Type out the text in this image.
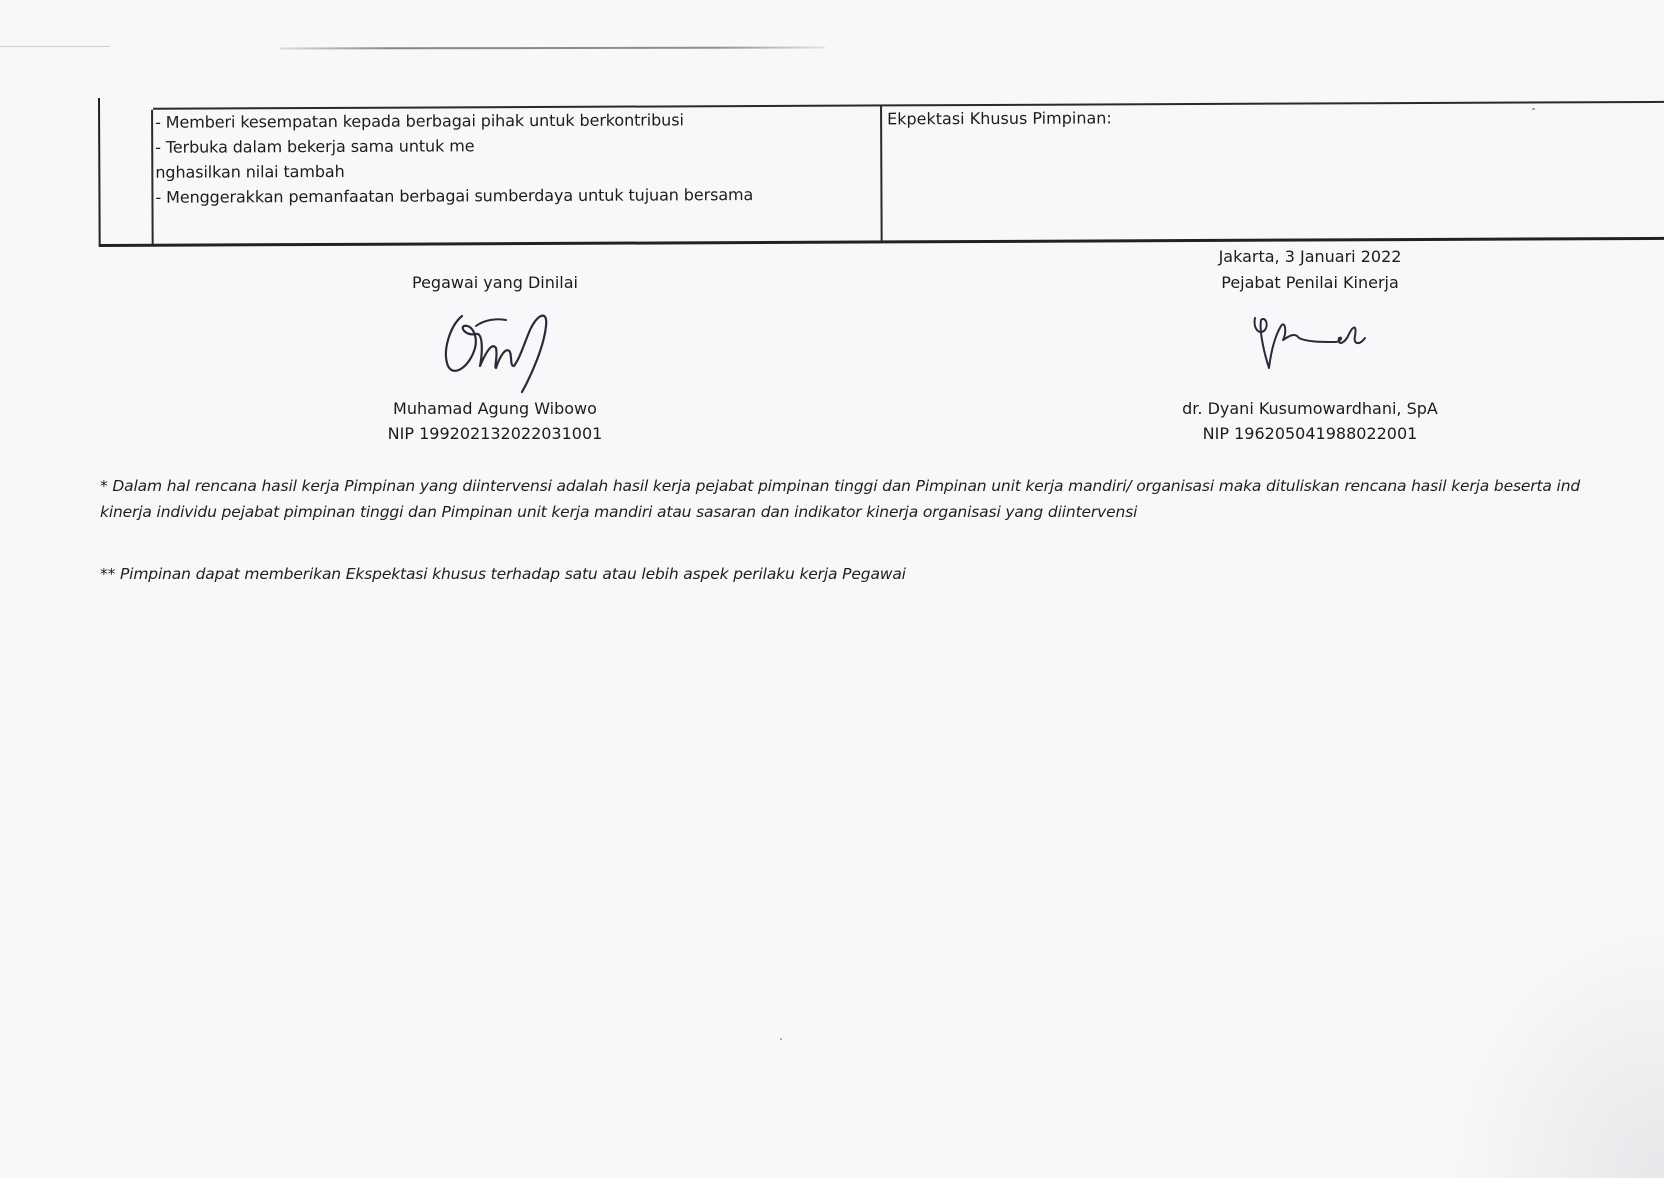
- Memberi kesempatan kepada berbagai pihak untuk berkontribusi
- Terbuka dalam bekerja sama untuk me
nghasilkan nilai tambah
- Menggerakkan pemanfaatan berbagai sumberdaya untuk tujuan bersama
Ekpektasi Khusus Pimpinan:
Pegawai yang Dinilai
Muhamad Agung Wibowo
NIP 199202132022031001
Jakarta, 3 Januari 2022
Pejabat Penilai Kinerja
dr. Dyani Kusumowardhani, SpA
NIP 196205041988022001
* Dalam hal rencana hasil kerja Pimpinan yang diintervensi adalah hasil kerja pejabat pimpinan tinggi dan Pimpinan unit kerja mandiri/ organisasi maka dituliskan rencana hasil kerja beserta ind
kinerja individu pejabat pimpinan tinggi dan Pimpinan unit kerja mandiri atau sasaran dan indikator kinerja organisasi yang diintervensi
** Pimpinan dapat memberikan Ekspektasi khusus terhadap satu atau lebih aspek perilaku kerja Pegawai
